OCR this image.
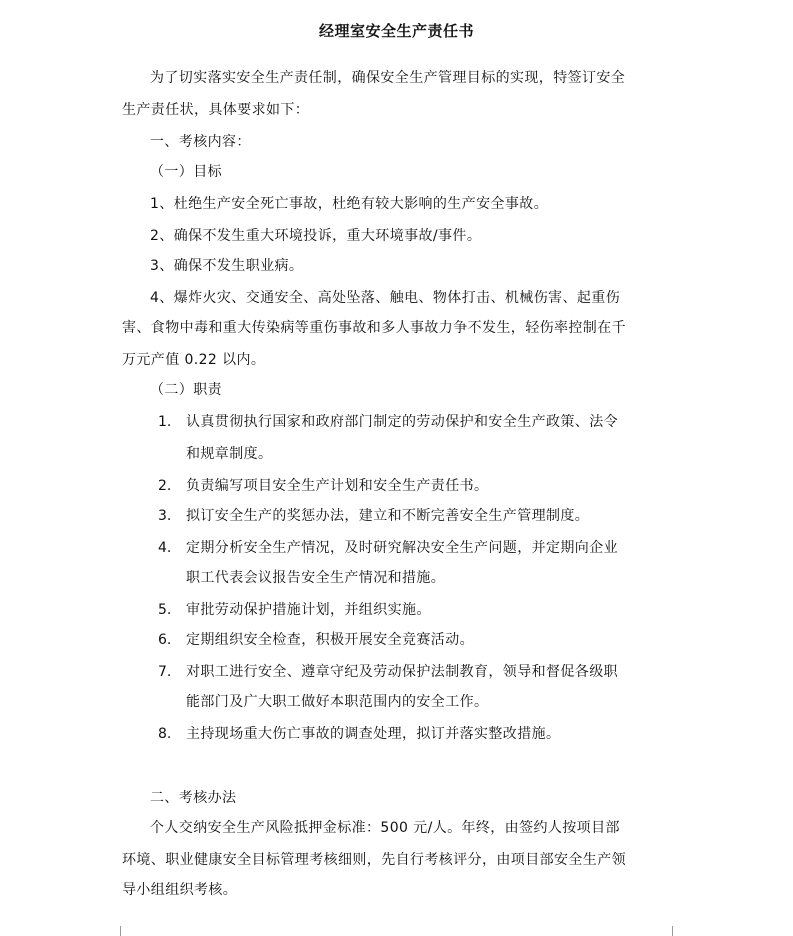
经理室安全生产责任书
为了切实落实安全生产责任制，确保安全生产管理目标的实现，特签订安全
生产责任状，具体要求如下：
一、考核内容：
（一）目标
1、杜绝生产安全死亡事故，杜绝有较大影响的生产安全事故。
2、确保不发生重大环境投诉，重大环境事故/事件。
3、确保不发生职业病。
4、爆炸火灾、交通安全、高处坠落、触电、物体打击、机械伤害、起重伤
害、食物中毒和重大传染病等重伤事故和多人事故力争不发生，轻伤率控制在千
万元产值 0.22 以内。
（二）职责
1. 认真贯彻执行国家和政府部门制定的劳动保护和安全生产政策、法令
和规章制度。
2. 负责编写项目安全生产计划和安全生产责任书。
3. 拟订安全生产的奖惩办法，建立和不断完善安全生产管理制度。
4. 定期分析安全生产情况，及时研究解决安全生产问题，并定期向企业
职工代表会议报告安全生产情况和措施。
5. 审批劳动保护措施计划，并组织实施。
6. 定期组织安全检查，积极开展安全竞赛活动。
7. 对职工进行安全、遵章守纪及劳动保护法制教育，领导和督促各级职
能部门及广大职工做好本职范围内的安全工作。
8. 主持现场重大伤亡事故的调查处理，拟订并落实整改措施。
二、考核办法
个人交纳安全生产风险抵押金标准：500 元/人。年终，由签约人按项目部
环境、职业健康安全目标管理考核细则，先自行考核评分，由项目部安全生产领
导小组组织考核。
